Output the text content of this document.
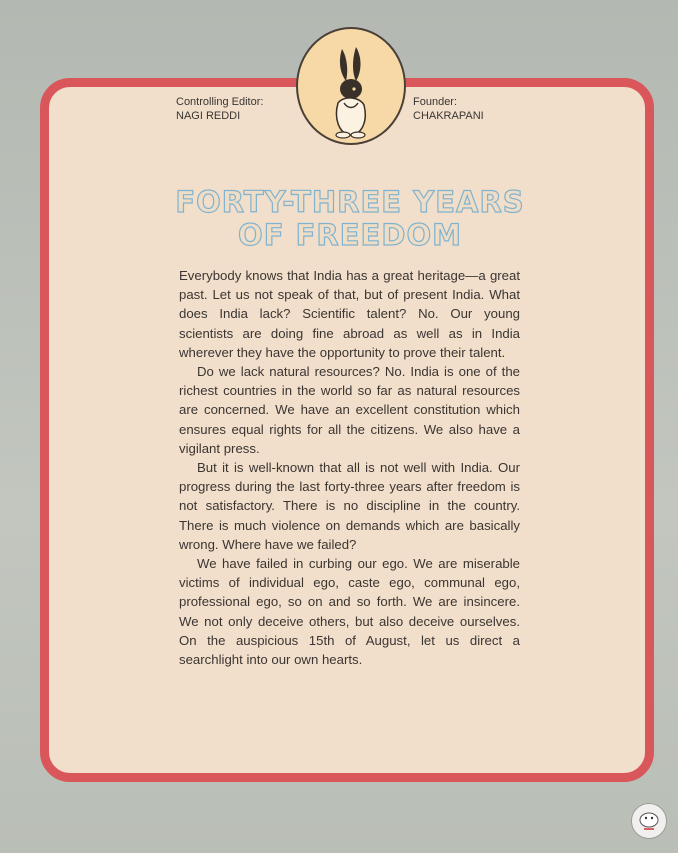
Controlling Editor:
NAGI REDDI
Founder:
CHAKRAPANI
FORTY-THREE YEARS
OF FREEDOM

Everybody knows that India has a great heritage—a great past. Let us not speak of that, but of present India. What does India lack? Scientific talent? No. Our young scientists are doing fine abroad as well as in India wherever they have the opportunity to prove their talent.

Do we lack natural resources? No. India is one of the richest countries in the world so far as natural resources are concerned. We have an excellent constitution which ensures equal rights for all the citizens. We also have a vigilant press.

But it is well-known that all is not well with India. Our progress during the last forty-three years after freedom is not satisfactory. There is no discipline in the country. There is much violence on demands which are basically wrong. Where have we failed?

We have failed in curbing our ego. We are miserable victims of individual ego, caste ego, communal ego, professional ego, so on and so forth. We are insincere. We not only deceive others, but also deceive ourselves. On the auspicious 15th of August, let us direct a searchlight into our own hearts.
